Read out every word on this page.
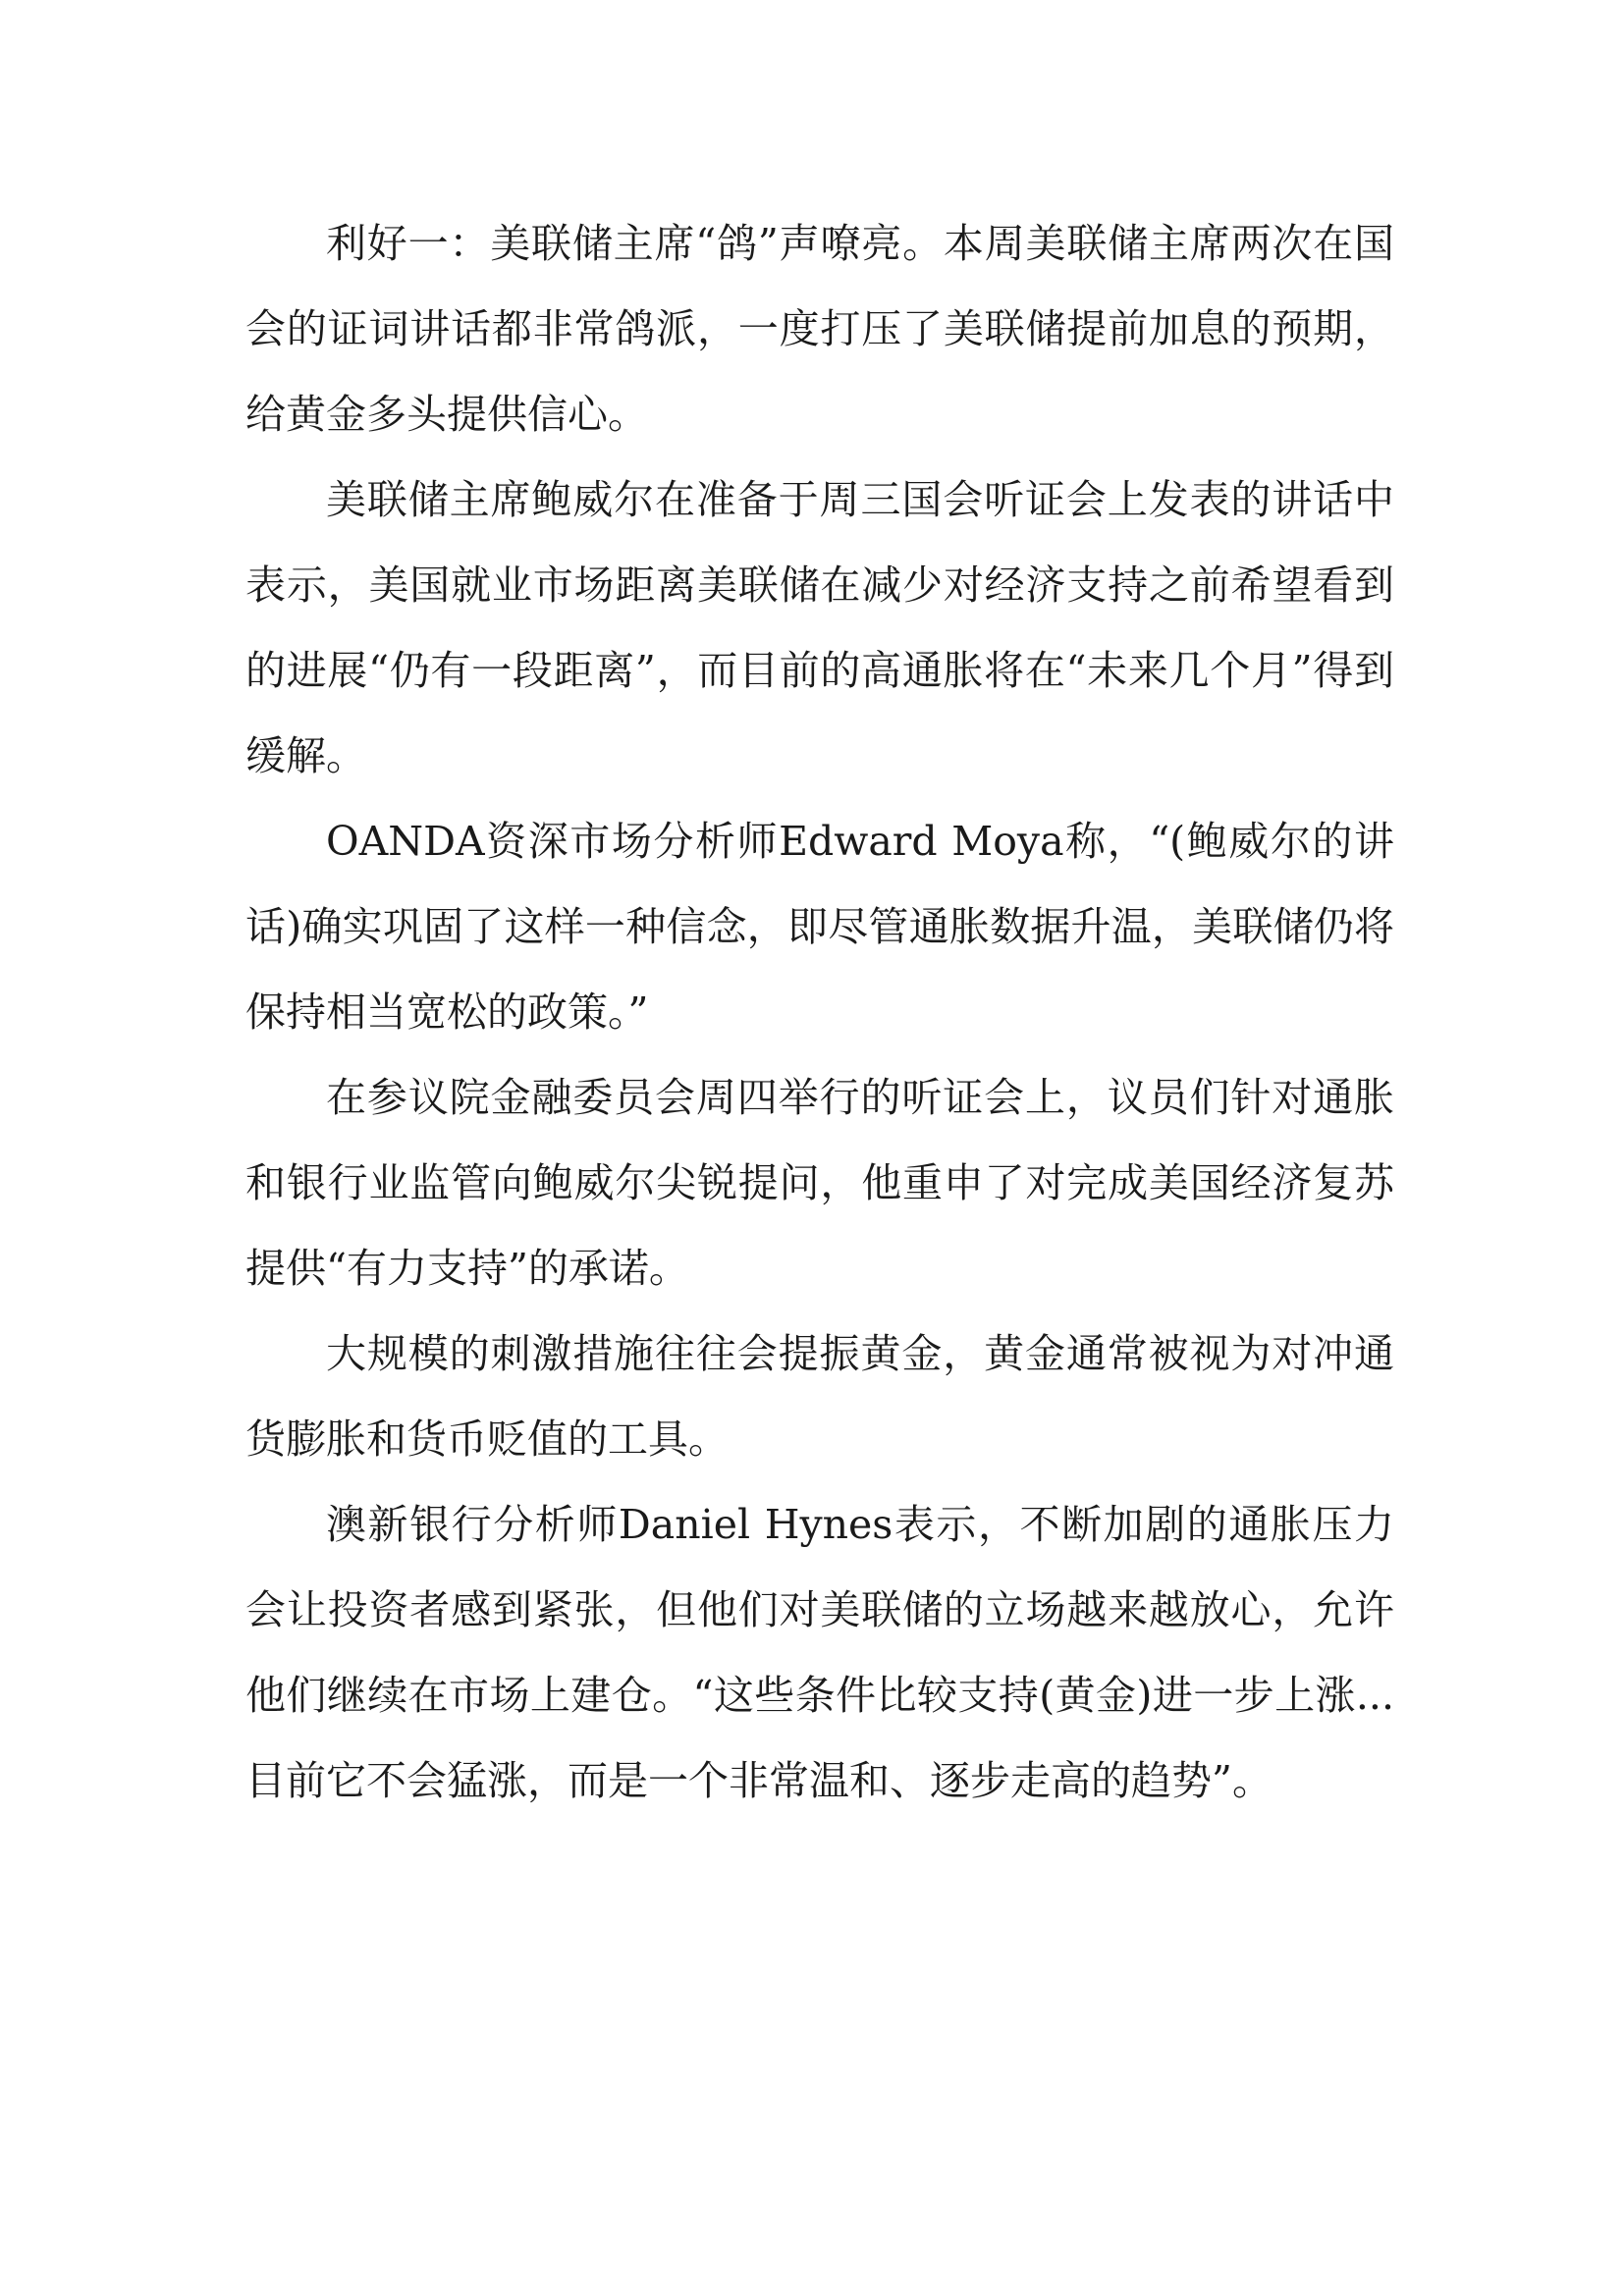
利好一：美联储主席“鸽”声嘹亮。本周美联储主席两次在国会的证词讲话都非常鸽派，一度打压了美联储提前加息的预期，给黄金多头提供信心。

美联储主席鲍威尔在准备于周三国会听证会上发表的讲话中表示，美国就业市场距离美联储在减少对经济支持之前希望看到的进展“仍有一段距离”，而目前的高通胀将在“未来几个月”得到缓解。

OANDA资深市场分析师Edward Moya称，“(鲍威尔的讲话)确实巩固了这样一种信念，即尽管通胀数据升温，美联储仍将保持相当宽松的政策。”

在参议院金融委员会周四举行的听证会上，议员们针对通胀和银行业监管向鲍威尔尖锐提问，他重申了对完成美国经济复苏提供“有力支持”的承诺。

大规模的刺激措施往往会提振黄金，黄金通常被视为对冲通货膨胀和货币贬值的工具。

澳新银行分析师Daniel Hynes表示，不断加剧的通胀压力会让投资者感到紧张，但他们对美联储的立场越来越放心，允许他们继续在市场上建仓。“这些条件比较支持(黄金)进一步上涨...目前它不会猛涨，而是一个非常温和、逐步走高的趋势”。
